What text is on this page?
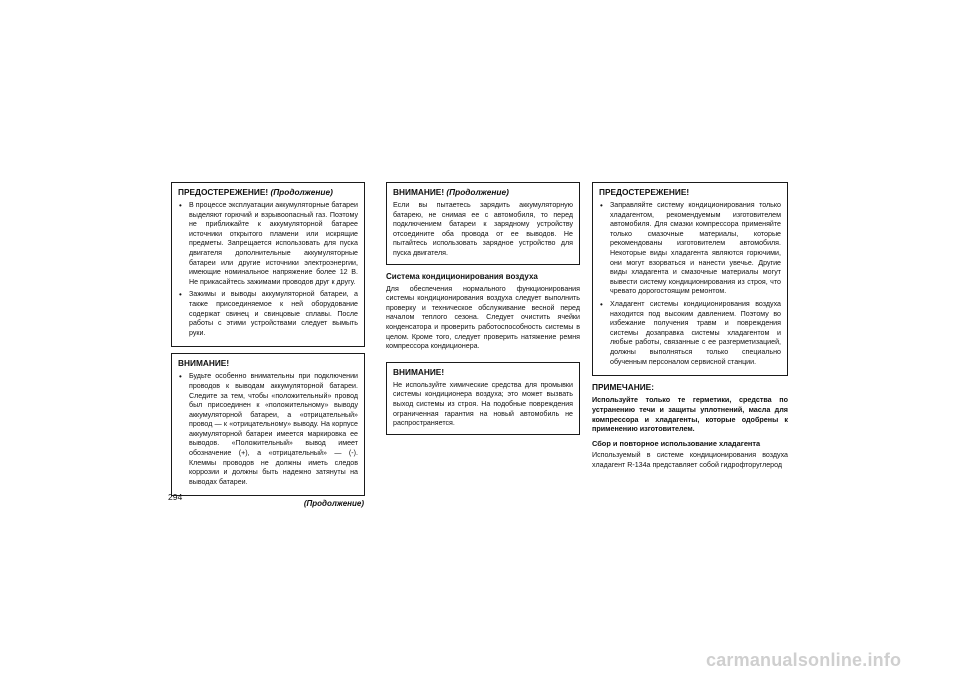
ПРЕДОСТЕРЕЖЕНИЕ! (Продолжение)
• В процессе эксплуатации аккумуляторные батареи выделяют горючий и взрывоопасный газ. Поэтому не приближайте к аккумуляторной батарее источники открытого пламени или искрящие предметы. Запрещается использовать для пуска двигателя дополнительные аккумуляторные батареи или другие источники электроэнергии, имеющие номинальное напряжение более 12 В. Не прикасайтесь зажимами проводов друг к другу.
• Зажимы и выводы аккумуляторной батареи, а также присоединяемое к ней оборудование содержат свинец и свинцовые сплавы. После работы с этими устройствами следует вымыть руки.
ВНИМАНИЕ!
• Будьте особенно внимательны при подключении проводов к выводам аккумуляторной батареи. Следите за тем, чтобы «положительный» провод был присоединен к «положительному» выводу аккумуляторной батареи, а «отрицательный» провод — к «отрицательному» выводу. На корпусе аккумуляторной батареи имеется маркировка ее выводов. «Положительный» вывод имеет обозначение (+), а «отрицательный» — (-). Клеммы проводов не должны иметь следов коррозии и должны быть надежно затянуты на выводах батареи.
(Продолжение)
ВНИМАНИЕ! (Продолжение)
Если вы пытаетесь зарядить аккумуляторную батарею, не снимая ее с автомобиля, то перед подключением батареи к зарядному устройству отсоедините оба провода от ее выводов. Не пытайтесь использовать зарядное устройство для пуска двигателя.
Система кондиционирования воздуха
Для обеспечения нормального функционирования системы кондиционирования воздуха следует выполнить проверку и техническое обслуживание весной перед началом теплого сезона. Следует очистить ячейки конденсатора и проверить работоспособность системы в целом. Кроме того, следует проверить натяжение ремня компрессора кондиционера.
ВНИМАНИЕ!
Не используйте химические средства для промывки системы кондиционера воздуха; это может вызвать выход системы из строя. На подобные повреждения ограниченная гарантия на новый автомобиль не распространяется.
ПРЕДОСТЕРЕЖЕНИЕ!
• Заправляйте систему кондиционирования только хладагентом, рекомендуемым изготовителем автомобиля. Для смазки компрессора применяйте только смазочные материалы, которые рекомендованы изготовителем автомобиля. Некоторые виды хладагента являются горючими, они могут взорваться и нанести увечье. Другие виды хладагента и смазочные материалы могут вывести систему кондиционирования из строя, что чревато дорогостоящим ремонтом.
• Хладагент системы кондиционирования воздуха находится под высоким давлением. Поэтому во избежание получения травм и повреждения системы дозаправка системы хладагентом и любые работы, связанные с ее разгерметизацией, должны выполняться только специально обученным персоналом сервисной станции.
ПРИМЕЧАНИЕ:
Используйте только те герметики, средства по устранению течи и защиты уплотнений, масла для компрессора и хладагенты, которые одобрены к применению изготовителем.
Сбор и повторное использование хладагента
Используемый в системе кондиционирования воздуха хладагент R-134a представляет собой гидрофторуглерод
294
carmanualsonline.info
